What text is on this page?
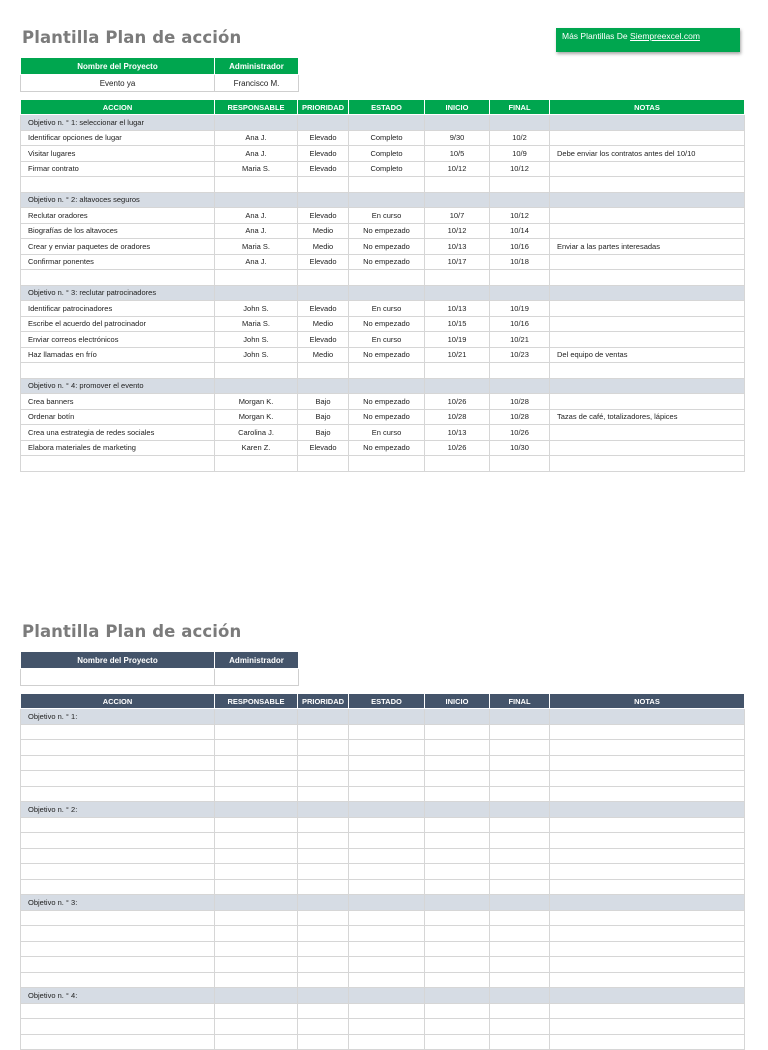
Más Plantillas De Siempreexcel.com
Plantilla Plan de acción
Nombre del Proyecto	Administrador
Evento ya	Francisco M.
ACCION	RESPONSABLE	PRIORIDAD	ESTADO	INICIO	FINAL	NOTAS
Objetivo n. ° 1: seleccionar el lugar						
Identificar opciones de lugar	Ana J.	Elevado	Completo	9/30	10/2	
Visitar lugares	Ana J.	Elevado	Completo	10/5	10/9	Debe enviar los contratos antes del 10/10
Firmar contrato	Maria S.	Elevado	Completo	10/12	10/12	

Objetivo n. ° 2: altavoces seguros						
Reclutar oradores	Ana J.	Elevado	En curso	10/7	10/12	
Biografías de los altavoces	Ana J.	Medio	No empezado	10/12	10/14	
Crear y enviar paquetes de oradores	Maria S.	Medio	No empezado	10/13	10/16	Enviar a las partes interesadas
Confirmar ponentes	Ana J.	Elevado	No empezado	10/17	10/18	

Objetivo n. ° 3: reclutar patrocinadores						
Identificar patrocinadores	John S.	Elevado	En curso	10/13	10/19	
Escribe el acuerdo del patrocinador	Maria S.	Medio	No empezado	10/15	10/16	
Enviar correos electrónicos	John S.	Elevado	En curso	10/19	10/21	
Haz llamadas en frío	John S.	Medio	No empezado	10/21	10/23	Del equipo de ventas

Objetivo n. ° 4: promover el evento						
Crea banners	Morgan K.	Bajo	No empezado	10/26	10/28	
Ordenar botín	Morgan K.	Bajo	No empezado	10/28	10/28	Tazas de café, totalizadores, lápices
Crea una estrategia de redes sociales	Carolina J.	Bajo	En curso	10/13	10/26	
Elabora materiales de marketing	Karen Z.	Elevado	No empezado	10/26	10/30	

Plantilla Plan de acción
Nombre del Proyecto	Administrador

ACCION	RESPONSABLE	PRIORIDAD	ESTADO	INICIO	FINAL	NOTAS
Objetivo n. ° 1:						

Objetivo n. ° 2:						

Objetivo n. ° 3:						

Objetivo n. ° 4:						
